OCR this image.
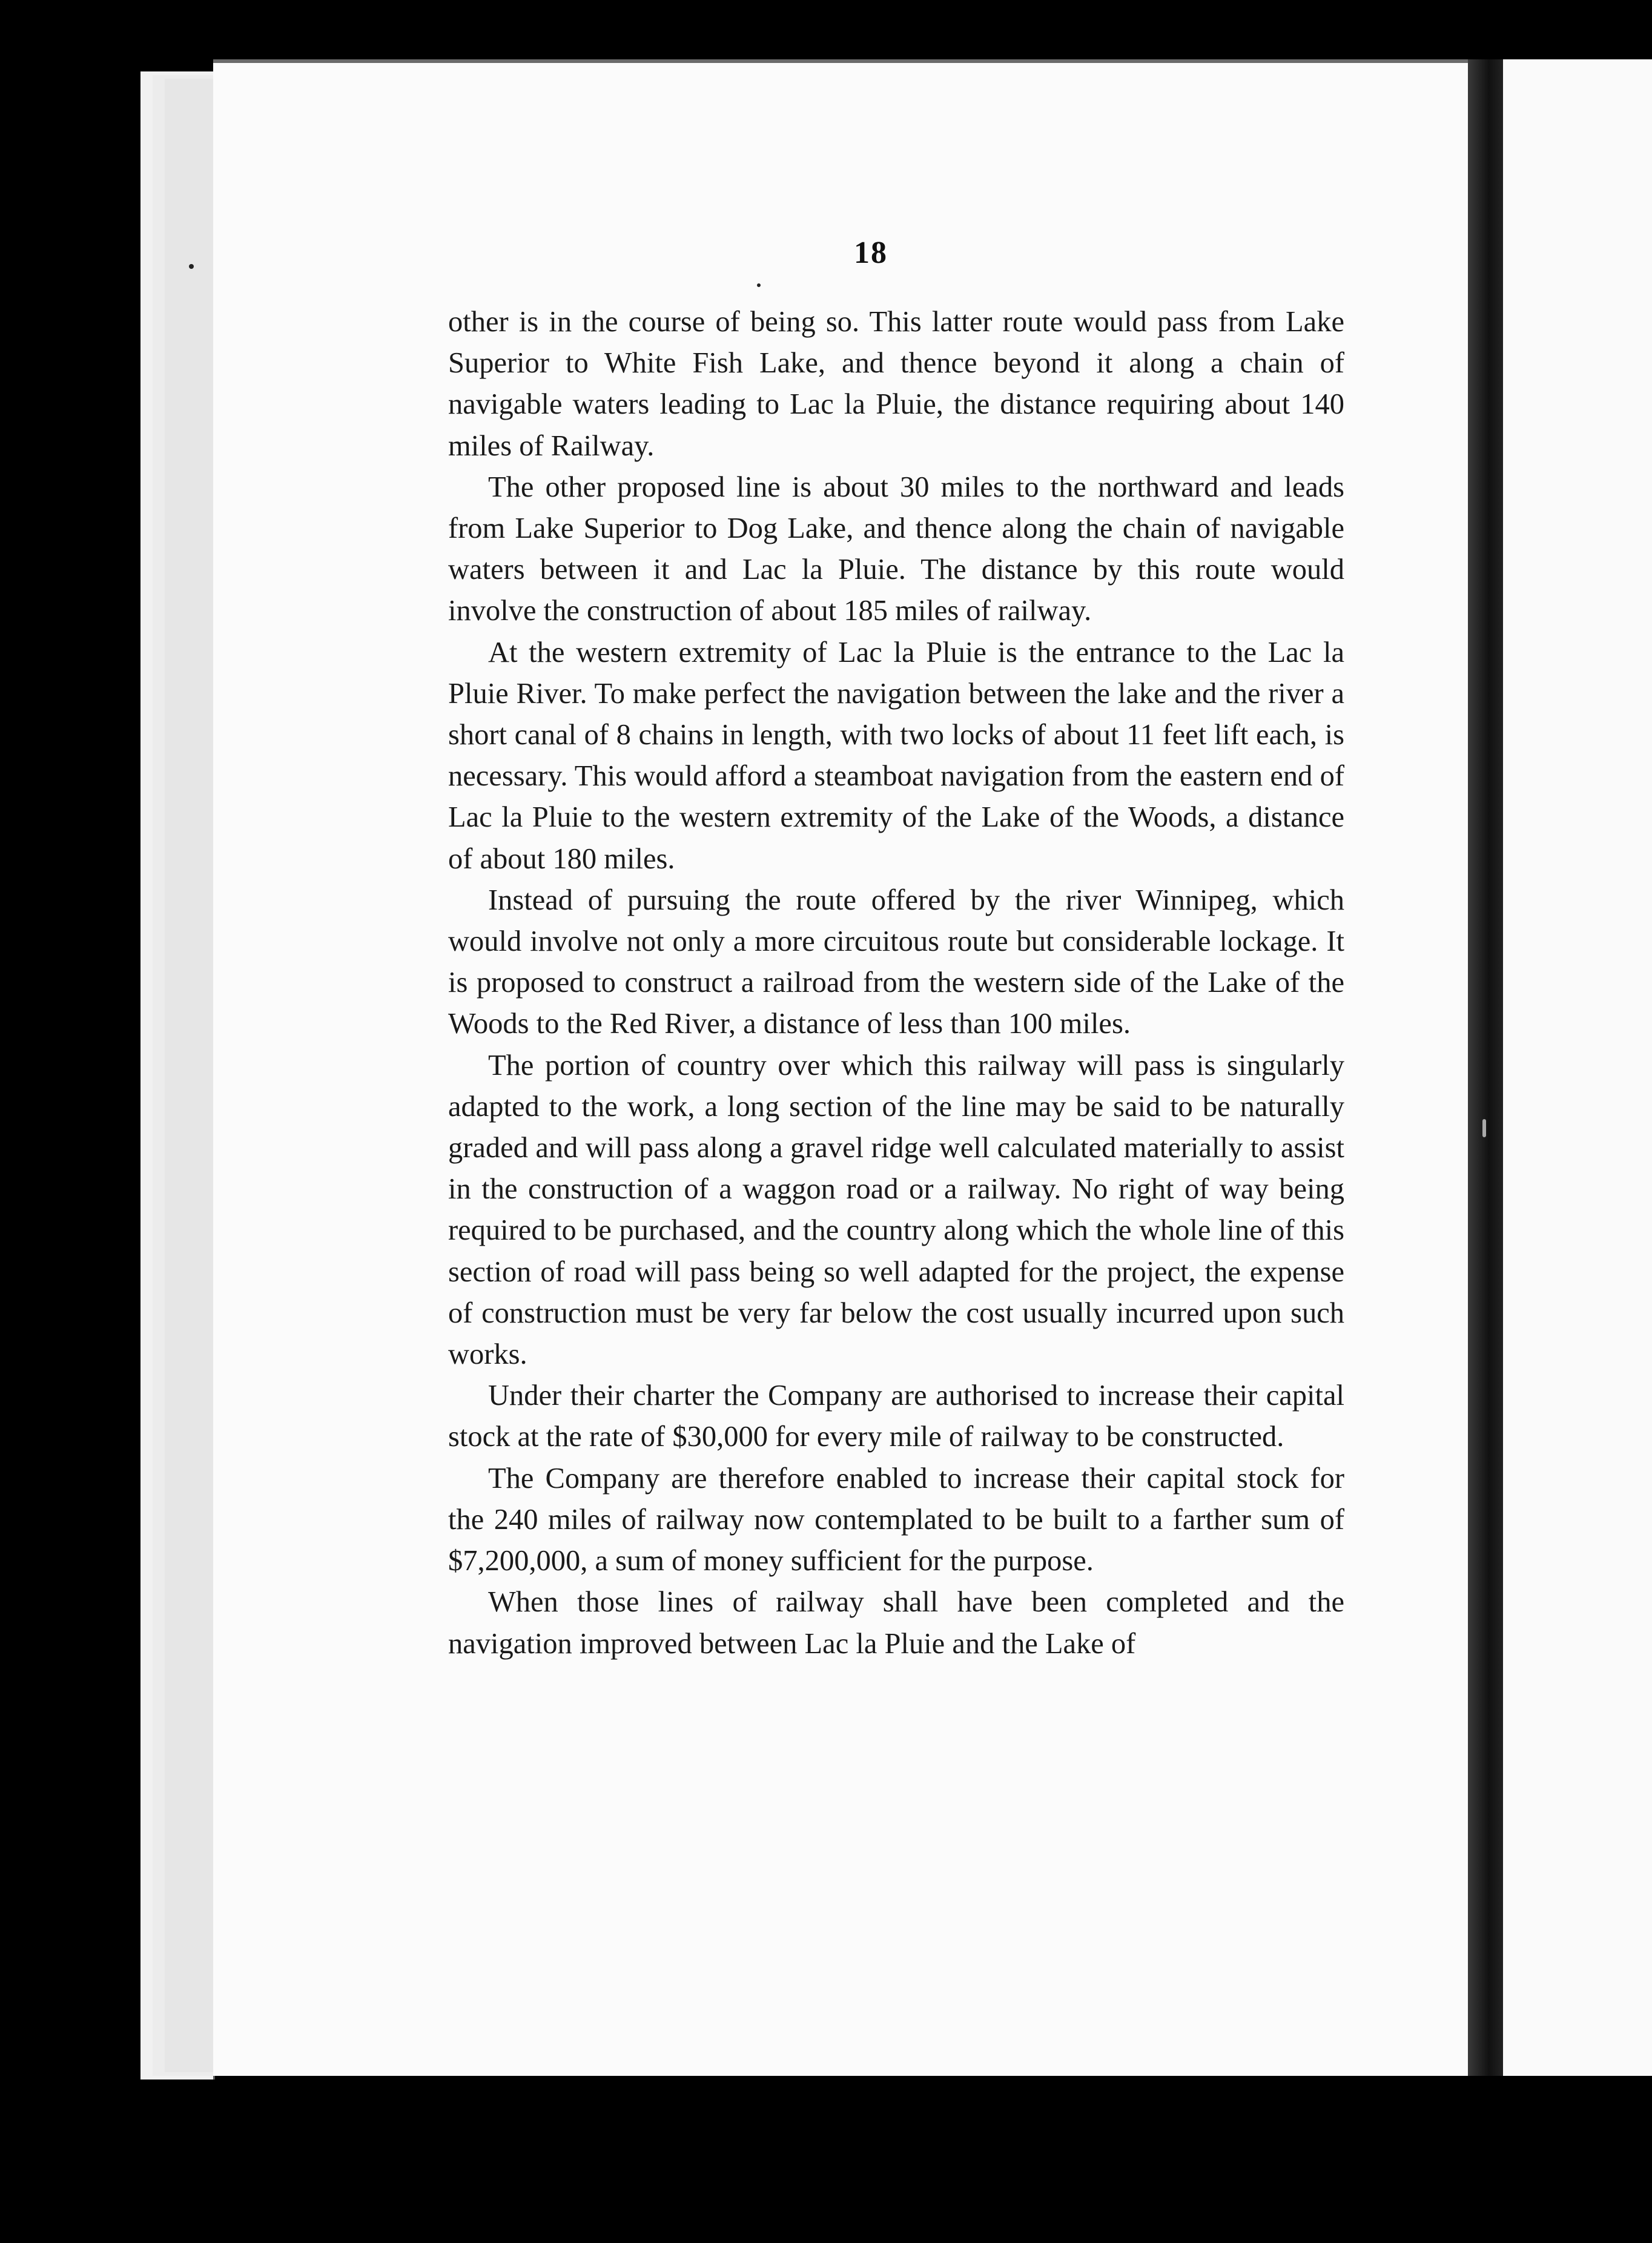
18

other is in the course of being so. This latter route would pass from Lake Superior to White Fish Lake, and thence beyond it along a chain of navigable waters leading to Lac la Pluie, the distance requiring about 140 miles of Railway.

The other proposed line is about 30 miles to the northward and leads from Lake Superior to Dog Lake, and thence along the chain of navigable waters between it and Lac la Pluie. The distance by this route would involve the construction of about 185 miles of railway.

At the western extremity of Lac la Pluie is the entrance to the Lac la Pluie River. To make perfect the navigation between the lake and the river a short canal of 8 chains in length, with two locks of about 11 feet lift each, is necessary. This would afford a steamboat navigation from the eastern end of Lac la Pluie to the western extremity of the Lake of the Woods, a distance of about 180 miles.

Instead of pursuing the route offered by the river Winnipeg, which would involve not only a more circuitous route but considerable lockage. It is proposed to construct a railroad from the western side of the Lake of the Woods to the Red River, a distance of less than 100 miles.

The portion of country over which this railway will pass is singularly adapted to the work, a long section of the line may be said to be naturally graded and will pass along a gravel ridge well calculated materially to assist in the construction of a waggon road or a railway. No right of way being required to be purchased, and the country along which the whole line of this section of road will pass being so well adapted for the project, the expense of construction must be very far below the cost usually incurred upon such works.

Under their charter the Company are authorised to increase their capital stock at the rate of $30,000 for every mile of railway to be constructed.

The Company are therefore enabled to increase their capital stock for the 240 miles of railway now contemplated to be built to a farther sum of $7,200,000, a sum of money sufficient for the purpose.

When those lines of railway shall have been completed and the navigation improved between Lac la Pluie and the Lake of
